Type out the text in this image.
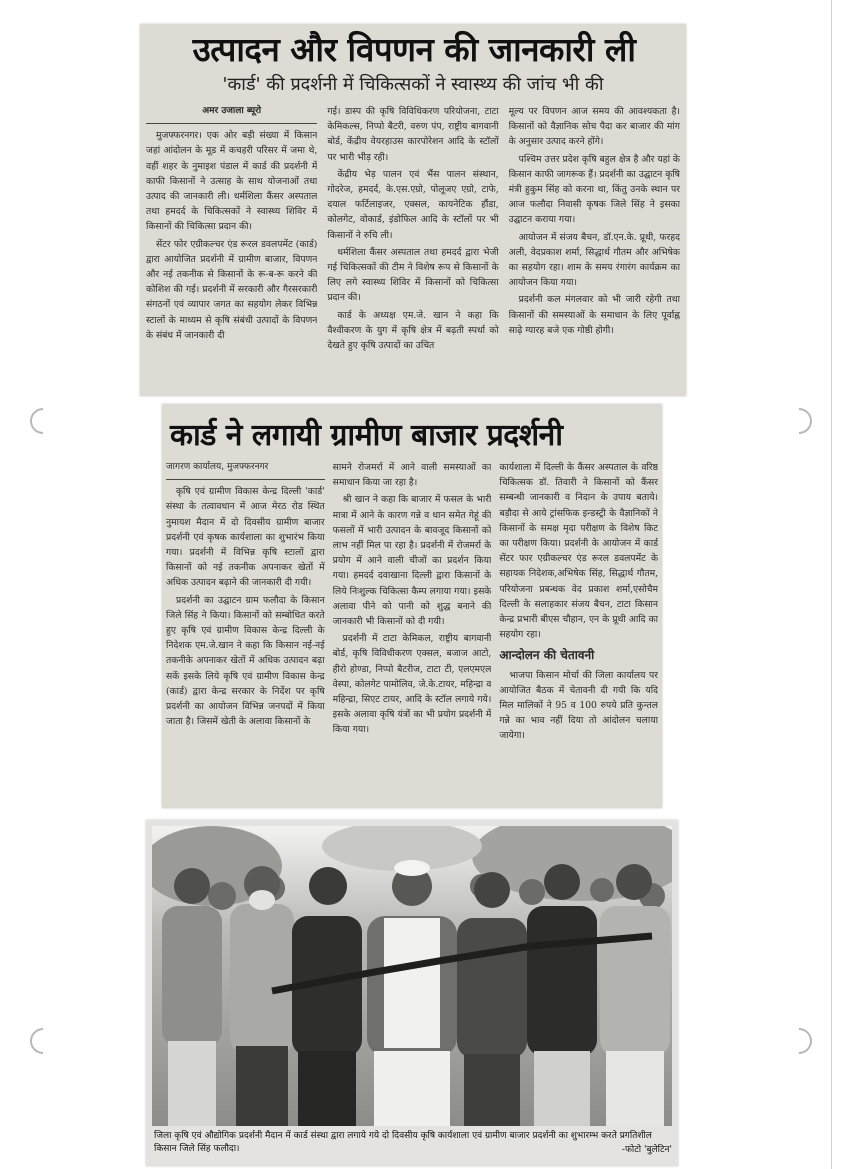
उत्पादन और विपणन की जानकारी ली
'कार्ड' की प्रदर्शनी में चिकित्सकों ने स्वास्थ्य की जांच भी की
अमर उजाला ब्यूरो

मुजफ्फरनगर। एक ओर बड़ी संख्या में किसान जहां आंदोलन के मूड में कचहरी परिसर में जमा थे, वहीं शहर के नुमाइश पंडाल में कार्ड की प्रदर्शनी में काफी किसानों ने उत्साह के साथ योजनाओं तथा उत्पाद की जानकारी ली। धर्मशिला कैंसर अस्पताल तथा हमदर्द के चिकित्सकों ने स्वास्थ्य शिविर में किसानों की चिकित्सा प्रदान की।

सेंटर फोर एग्रीकल्चर एंड रूरल डवलपमेंट (कार्ड) द्वारा आयोजित प्रदर्शनी में ग्रामीण बाजार, विपणन और नई तकनीक से किसानों के रू-ब-रू करने की कोशिश की गई। प्रदर्शनी में सरकारी और गैरसरकारी संगठनों एवं व्यापार जगत का सहयोग लेकर विभिन्न स्टालों के माध्यम से कृषि संबंधी उत्पादों के विपणन के संबंध में जानकारी दी

गई। डास्प की कृषि विविधिकरण परियोजना, टाटा केमिकल्स, निप्पो बैटरी, वरुण पंप, राष्ट्रीय बागवानी बोर्ड, केंद्रीय वेयरहाउस कारपोरेशन आदि के स्टॉलों पर भारी भीड़ रही।

केंद्रीय भेड़ पालन एवं भैंस पालन संस्थान, गोदरेज, हमदर्द, के.एस.एग्रो, पोलूजए एग्रो, टाफे, दयाल फर्टिलाइजर, एक्सल, कायनेटिक हौंडा, कोलगेट, वोकार्ड, इंडोफिल आदि के स्टॉलों पर भी किसानों ने रुचि ली।

धर्मशिला कैंसर अस्पताल तथा हमदर्द द्वारा भेजी गई चिकित्सकों की टीम ने विशेष रूप से किसानों के लिए लगे स्वास्थ्य शिविर में किसानों को चिकित्सा प्रदान की।

कार्ड के अध्यक्ष एम.जे. खान ने कहा कि वैश्वीकरण के युग में कृषि क्षेत्र में बढ़ती स्पर्धा को देखते हुए कृषि उत्पादों का उचित

मूल्य पर विपणन आज समय की आवश्यकता है। किसानों को वैज्ञानिक सोच पैदा कर बाजार की मांग के अनुसार उत्पाद करने होंगे।

पश्चिम उत्तर प्रदेश कृषि बहुल क्षेत्र है और यहां के किसान काफी जागरूक हैं। प्रदर्शनी का उद्घाटन कृषि मंत्री हुकुम सिंह को करना था, किंतु उनके स्थान पर आज फलौदा निवासी कृषक जिले सिंह ने इसका उद्घाटन कराया गया।

आयोजन में संजय बैचन, डॉ.एन.के. प्रूथी, फरहद अली, वेदप्रकाश शर्मा, सिद्धार्थ गौतम और अभिषेक का सहयोग रहा। शाम के समय रंगारंग कार्यक्रम का आयोजन किया गया।

प्रदर्शनी कल मंगलवार को भी जारी रहेगी तथा किसानों की समस्याओं के समाधान के लिए पूर्वाह्न साढ़े ग्यारह बजे एक गोष्ठी होगी।

कार्ड ने लगायी ग्रामीण बाजार प्रदर्शनी
जागरण कार्यालय, मुजफ्फरनगर

कृषि एवं ग्रामीण विकास केन्द्र दिल्ली 'कार्ड' संस्था के तत्वावधान में आज मेरठ रोड स्थित नुमायश मैदान में दो दिवसीय ग्रामीण बाजार प्रदर्शनी एवं कृषक कार्यशाला का शुभारंभ किया गया। प्रदर्शनी में विभिन्न कृषि स्टालों द्वारा किसानों को नई तकनीक अपनाकर खेतों में अधिक उत्पादन बढ़ाने की जानकारी दी गयी।

प्रदर्शनी का उद्घाटन ग्राम फलौदा के किसान जिले सिंह ने किया। किसानों को सम्बोधित करते हुए कृषि एवं ग्रामीण विकास केन्द्र दिल्ली के निदेशक एम.जे.खान ने कहा कि किसान नई-नई तकनीके अपनाकर खेतों में अधिक उत्पादन बढ़ा सकें इसके लिये कृषि एवं ग्रामीण विकास केन्द्र (कार्ड) द्वारा केन्द्र सरकार के निर्देश पर कृषि प्रदर्शनी का आयोजन विभिन्न जनपदों में किया जाता है। जिसमें खेती के अलावा किसानों के

सामने रोजमर्रा में आने वाली समस्याओं का समाधान किया जा रहा है।

श्री खान ने कहा कि बाजार में फसल के भारी मात्रा में आने के कारण गन्ने व धान समेत गेहूं की फसलों में भारी उत्पादन के बावजूद किसानों को लाभ नहीं मिल पा रहा है। प्रदर्शनी में रोजमर्रा के प्रयोग में आने वाली चीजों का प्रदर्शन किया गया। हमदर्द दवाखाना दिल्ली द्वारा किसानों के लिये निःशुल्क चिकित्सा कैम्प लगाया गया। इसके अलावा पीने को पानी को शुद्ध बनाने की जानकारी भी किसानों को दी गयी।

प्रदर्शनी में टाटा केमिकल, राष्ट्रीय बागवानी बोर्ड, कृषि विविधीकरण एक्सल, बजाज आटो, हीरो होण्डा, निप्पो बैटरीज, टाटा टी, एलएमएल वेस्पा, कोलगेट पामोलिव, जे.के.टायर, महिन्द्रा व महिन्द्रा, सिएट टायर, आदि के स्टॉल लगाये गये। इसके अलावा कृषि यंत्रों का भी प्रयोग प्रदर्शनी में किया गया।

कार्यशाला में दिल्ली के कैंसर अस्पताल के वरिष्ठ चिकित्सक डॉ. तिवारी ने किसानों को कैंसर सम्बन्धी जानकारी व निदान के उपाय बताये। बड़ौदा से आये ट्रांसफिक इन्डस्ट्री के वैज्ञानिकों ने किसानों के समक्ष मृदा परीक्षण के विशेष किट का परीक्षण किया। प्रदर्शनी के आयोजन में कार्ड सेंटर फार एग्रीकल्चर एंड रूरल डवलपमेंट के सहायक निदेशक,अभिषेक सिंह, सिद्धार्थ गौतम, परियोजना प्रबन्धक वेद प्रकाश शर्मा,एसोचैम दिल्ली के सलाहकार संजय बैचन, टाटा किसान केन्द्र प्रभारी बीएस चौहान, एन के प्रूथी आदि का सहयोग रहा।

आन्दोलन की चेतावनी

भाजपा किसान मोर्चा की जिला कार्यालय पर आयोजित बैठक में चेतावनी दी गयी कि यदि मिल मालिकों ने 95 व 100 रुपये प्रति कुन्तल गन्ने का भाव नहीं दिया तो आंदोलन चलाया जायेगा।

जिला कृषि एवं औद्योगिक प्रदर्शनी मैदान में कार्ड संस्था द्वारा लगाये गये दो दिवसीय कृषि कार्यशाला एवं ग्रामीण बाजार प्रदर्शनी का शुभारम्भ करते प्रगतिशील किसान जिले सिंह फलौदा।	-फोटो 'बुलेटिन'
